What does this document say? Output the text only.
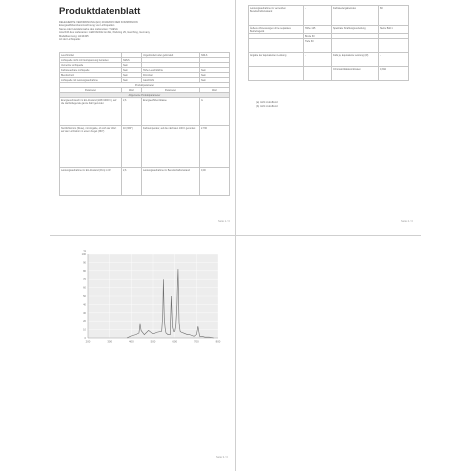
Produktdatenblatt
DELEGIERTE VERORDNUNG (EU) 2019/2015 DER KOMMISSION
Energieeffizienzkennzeichnung von Lichtquellen
Name oder Handelsmarke des Lieferanten: THEVA
Anschrift des Lieferanten: LEDVANCE GmbH, Parkring 29, Garching, Germany
Modellkennung: H134435
Art der Lichtquelle:
Leuchtmittel		Ungebündelt oder gebündelt	NDLS
Lichtquelle nicht mit Netzspannung betrieben	NMLS		
Vernetzte Lichtquelle	Nein		
Farbsteuerbare Lichtquelle	Nein	Hohe Leuchtdichte	Nein
Blendschutz	Nein	Dimmbar	Nein
Lichtquelle mit Leistungsaufnahme	Nein	Gleichlicht	Nein
Produktparameter			
Parameter	Wert	Parameter	Wert
Allgemeine Produktparameter			
Energieverbrauch im Ein-Zustand (kWh/1000 h), auf die nächstliegende ganze Zahl gerundet	2,6	Energieeffizienzklasse	G
Nutzlichtstrom (Φuse), mit Angabe, ob sich der Wert auf den Lichtstrom in einem Kegel (360°)	40 (360°)	Farbtemperatur, auf die nächsten 100 K gerundet	2.700
Leistungsaufnahme im Ein-Zustand (Pon) in W	2,6	Leistungsaufnahme im Bereitschaftszustand	0,00
Seite 1 / 3
Leistungsaufnahme im vernetzten Bereitschaftszustand	-	Farbwiedergabeindex	80
Äußere Abmessungen ohne separates Betriebsgerät	Höhe 125	Spektrale Strahlungsverteilung	Siehe Bild 1
	Breite 60		
	Tiefe 60		
Angabe der äquivalenten Leistung	-	Falls ja, äquivalente Leistung (W)	-
		Chromatizitätskoordinaten	0,392
(a) nicht zutreffend
(b) nicht zutreffend
Seite 2 / 3
0
10
20
30
40
50
60
70
80
90
100
200	300	400	500	600	700	800
%
Seite 3 / 3
